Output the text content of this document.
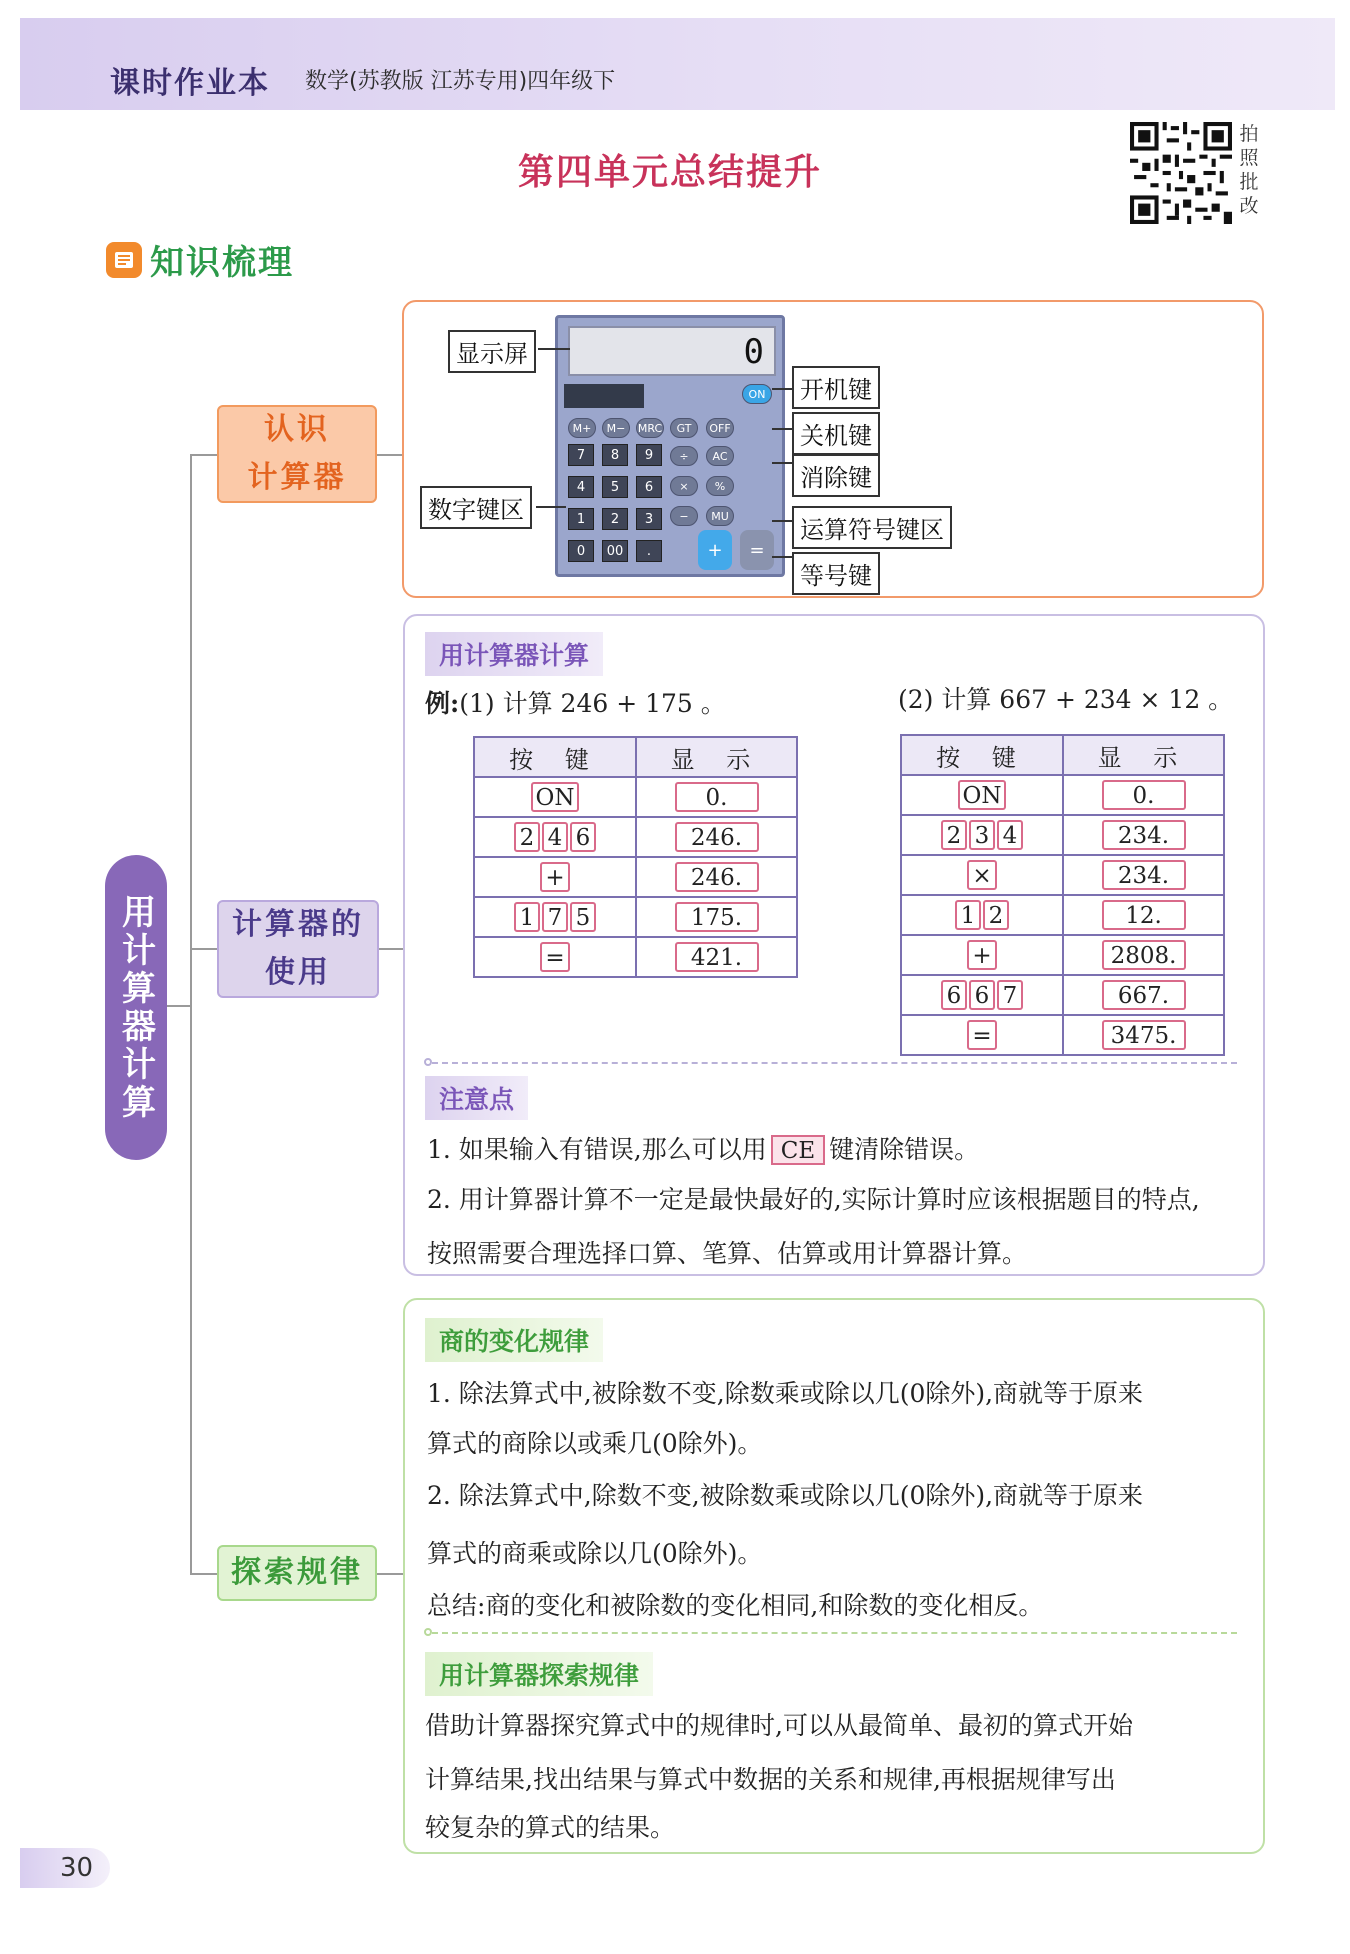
课时作业本 数学(苏教版 江苏专用)四年级下
第四单元总结提升
拍照批改
知识梳理
用计算器计算
认识
计算器
计算器的
使用
探索规律
0
ON
M+	M−	MRC	GT	OFF
7	8	9
4	5	6
1	2	3
0	00	.
÷	AC
×	%
−	MU
+	=
显示屏
开机键
关机键
消除键
数字键区
运算符号键区
等号键
用计算器计算
例:(1) 计算 246 + 175 。	(2) 计算 667 + 234 × 12 。
按 键	显 示
ON	0.
2 4 6	246.
+	246.
1 7 5	175.
=	421.
按 键	显 示
ON	0.
2 3 4	234.
×	234.
1 2	12.
+	2808.
6 6 7	667.
=	3475.
注意点
1. 如果输入有错误,那么可以用 CE 键清除错误。
2. 用计算器计算不一定是最快最好的,实际计算时应该根据题目的特点,
按照需要合理选择口算、笔算、估算或用计算器计算。
商的变化规律
1. 除法算式中,被除数不变,除数乘或除以几(0除外),商就等于原来
算式的商除以或乘几(0除外)。
2. 除法算式中,除数不变,被除数乘或除以几(0除外),商就等于原来
算式的商乘或除以几(0除外)。
总结:商的变化和被除数的变化相同,和除数的变化相反。
用计算器探索规律
借助计算器探究算式中的规律时,可以从最简单、最初的算式开始
计算结果,找出结果与算式中数据的关系和规律,再根据规律写出
较复杂的算式的结果。
30
